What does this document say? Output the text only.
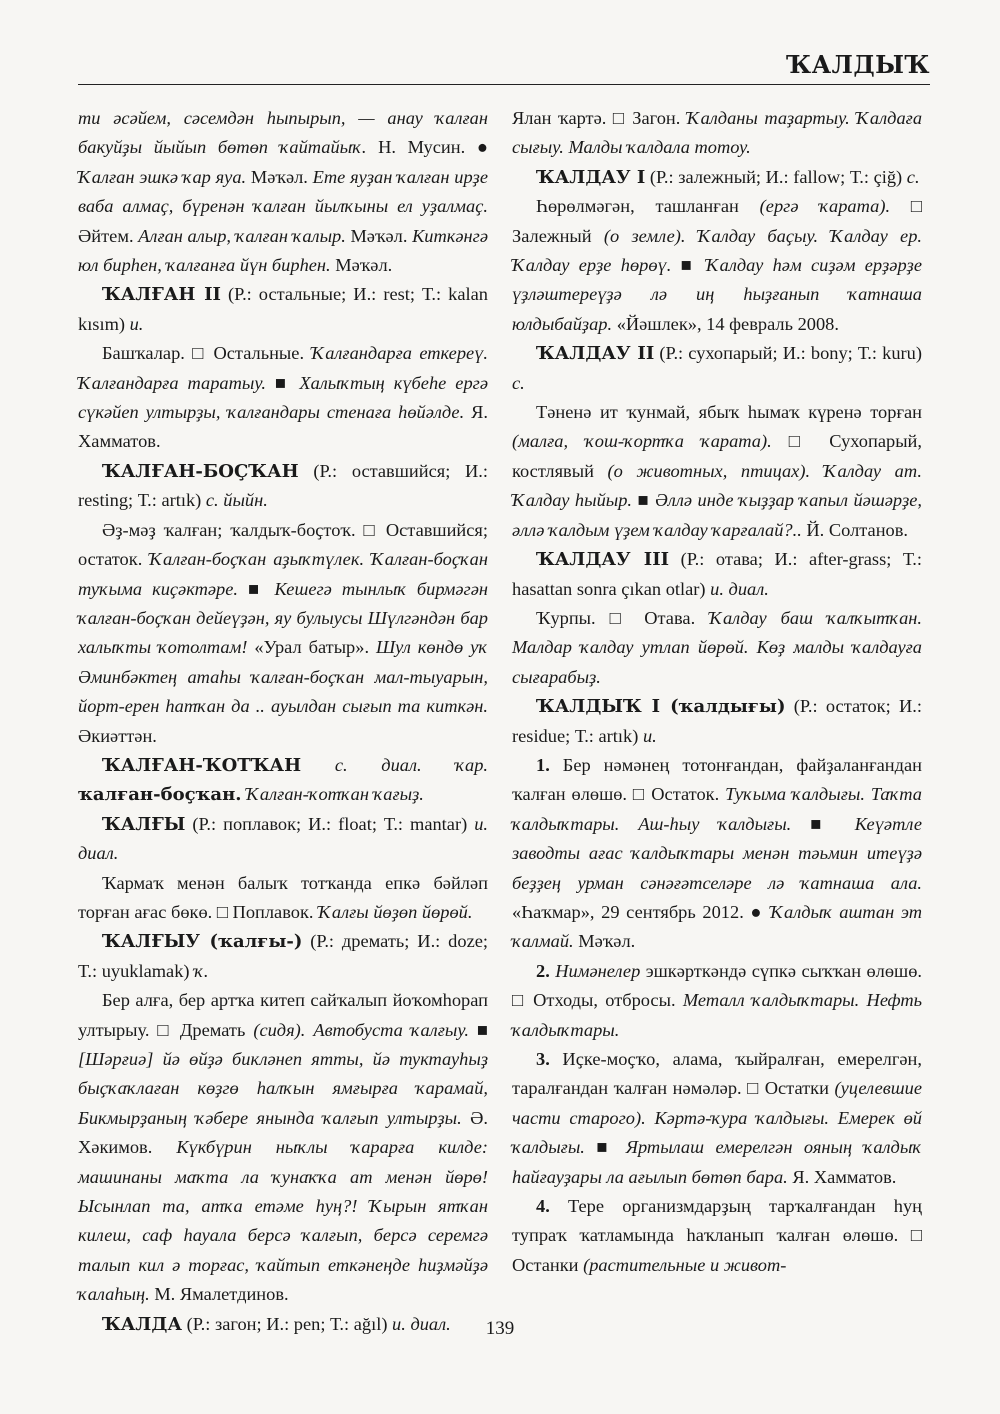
ҠАЛДЫҠ

ти әсәйем, сәсемдән һыпырып, — анау ҡалған бакуйҙы йыйып бөтөп ҡайтайыҡ. Н. Мусин. ● Ҡалған эшкә ҡар яуа. Мәҡәл. Ете яуҙан ҡалған ирҙе ваба алмаҫ, бүренән ҡалған йылҡыны ел уҙалмаҫ. Әйтем. Алған алыр, ҡалған ҡалыр. Мәҡәл. Киткәнгә юл бирһен, ҡалғанға йүн бирһен. Мәҡәл.

ҠАЛҒАН II (Р.: остальные; И.: rest; Т.: kalan kısım) и.

Башҡалар. □ Остальные. Ҡалғандарға еткереү. Ҡалғандарға таратыу. ■ Халыҡтың күбеһе ергә сүкәйеп ултырҙы, ҡалғандары стенаға һөйәлде. Я. Хамматов.

ҠАЛҒАН-БОҪҠАН (Р.: оставшийся; И.: resting; Т.: artık) с. йыйн.

Әҙ-мәҙ ҡалған; ҡалдыҡ-боҫтоҡ. □ Оставшийся; остаток. Ҡалған-боҫҡан аҙыҡтүлек. Ҡалған-боҫҡан туҡыма киҫәктәре. ■ Кешегә тынлыҡ бирмәгән ҡалған-боҫҡан дейеүҙән, яу булыусы Шүлгәндән бар халыҡты ҡотолтам! «Урал батыр». Шул көндө уҡ Әминбәктең атаһы ҡалған-боҫҡан мал-тыуарын, йорт-ерен һатҡан да .. ауылдан сығып та киткән. Әкиәттән.

ҠАЛҒАН-ҠОТҠАН с. диал. ҡар. ҡалған-боҫҡан. Ҡалған-ҡотҡан ҡағыҙ.

ҠАЛҒЫ (Р.: поплавок; И.: float; Т.: mantar) и. диал.

Ҡармаҡ менән балыҡ тотҡанда епкә бәйләп торған ағас бөкө. □ Поплавок. Ҡалғы йөҙөп йөрөй.

ҠАЛҒЫУ (ҡалғы-) (Р.: дремать; И.: doze; Т.: uyuklamak) ҡ.

Бер алға, бер артҡа китеп сайҡалып йоҡомһорап ултырыу. □ Дремать (сидя). Автобуста ҡалғыу. ■ [Шәрғиә] йә өйҙә бикләнеп ятты, йә туктауһыҙ быҫҡаҡлаған көҙгө һалҡын ямғырға ҡарамай, Бикмырҙаның ҡәберe янында ҡалғып ултырҙы. Ә. Хәкимов. Күкбүрин ныҡлы ҡарарға килде: машинаны маҡта ла ҡунаҡҡа ат менән йөрө! Ысынлап та, атҡа етәме һуң?! Ҡырын ятҡан килеш, саф һауала берсә ҡалғып, берсә серемгә талып кил ә торғас, ҡайтып еткәнеңде һиҙмәйҙә ҡалаһың. М. Ямалетдинов.

ҠАЛДА (Р.: загон; И.: pen; Т.: ağıl) и. диал.

Ялан ҡартә. □ Загон. Ҡалданы таҙартыу. Ҡалдаға сығыу. Малды ҡалдала тотоу.

ҠАЛДАУ I (Р.: залежный; И.: fallow; Т.: çiğ) с.

Һөрөлмәгән, ташланған (ергә ҡарата). □ Залежный (о земле). Ҡалдау баҫыу. Ҡалдау ер. Ҡалдау ерҙе һөрөү. ■ Ҡалдау һәм сиҙәм ерҙәрҙе үҙләштереүҙә лә иң һыҙғанып ҡатнаша юлдыбайҙар. «Йәшлек», 14 февраль 2008.

ҠАЛДАУ II (Р.: сухопарый; И.: bony; Т.: kuru) с.

Тәненә ит ҡунмай, ябыҡ һымаҡ күренә торған (малға, ҡош-ҡортҡа ҡарата). □ Сухопарый, костлявый (о животных, птицах). Ҡалдау ат. Ҡалдау һыйыр. ■ Әллә инде ҡыҙҙар ҡапыл йәшәрҙе, әллә ҡалдым үҙем ҡалдау ҡарғалай?.. Й. Солтанов.

ҠАЛДАУ III (Р.: отава; И.: after-grass; Т.: hasattan sonra çıkan otlar) и. диал.

Ҡурпы. □ Отава. Ҡалдау баш ҡалҡытҡан. Малдар ҡалдау утлап йөрөй. Көҙ малды ҡалдауға сығарабыҙ.

ҠАЛДЫҠ I (ҡалдығы) (Р.: остаток; И.: residue; Т.: artık) и.

1. Бер нәмәнең тотонғандан, файҙаланғандан ҡалған өлөшө. □ Остаток. Туҡыма ҡалдығы. Таҡта ҡалдыҡтары. Аш-һыу ҡалдығы. ■ Кеүәтле заводты ағас ҡалдыҡтары менән тәьмин итеүҙә беҙҙең урман сәнәғәтселәре лә ҡатнаша ала. «Һаҡмар», 29 сентябрь 2012. ● Ҡалдыҡ аштан эт ҡалмай. Мәҡәл.

2. Нимәнелер эшкәрткәндә сүпкә сыҡҡан өлөшө. □ Отходы, отбросы. Металл ҡалдыҡтары. Нефть ҡалдыҡтары.

3. Иҫке-моҫҡо, алама, ҡыйралған, емерелгән, таралғандан ҡалған нәмәләр. □ Остатки (уцелевшие части старого). Кәртә-ҡура ҡалдығы. Емерек өй ҡалдығы. ■ Яртылаш емерелгән ояның ҡалдыҡ һайғауҙары ла ағылып бөтөп бара. Я. Хамматов.

4. Тере организмдарҙың тарҡалғандан һуң тупраҡ ҡатламында һаҡланып ҡалған өлөшө. □ Останки (растительные и живот-

139
